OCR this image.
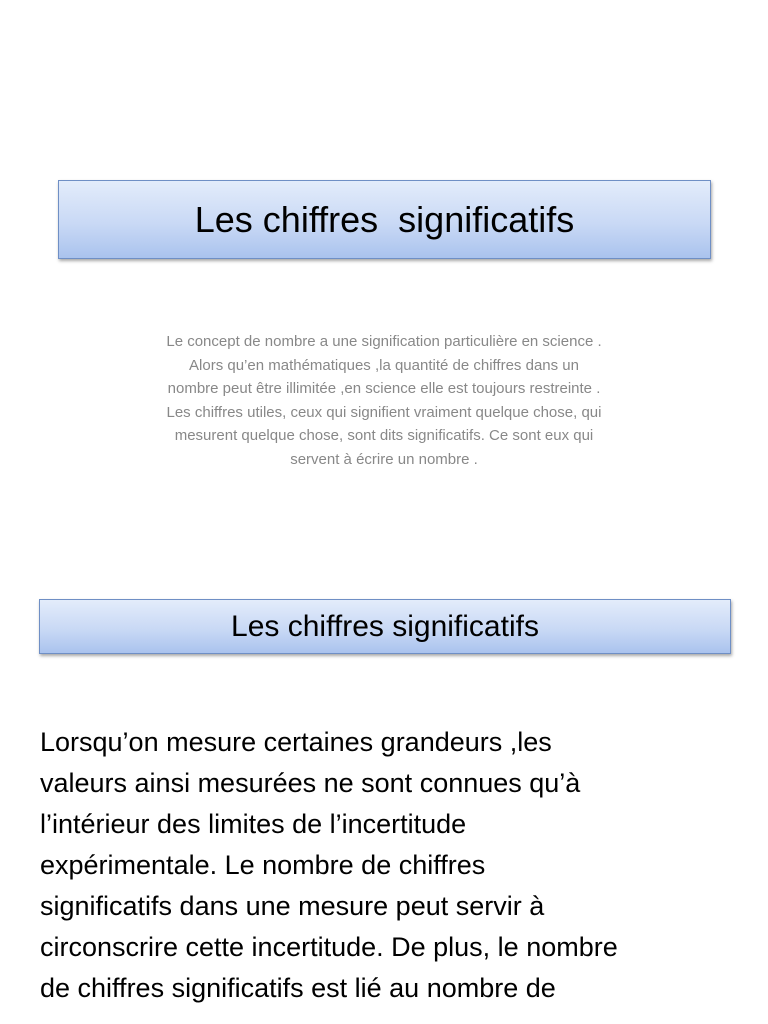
Les chiffres  significatifs

Le concept de nombre a une signification particulière en science .
Alors qu’en mathématiques ,la quantité de chiffres dans un
nombre peut être illimitée ,en science elle est toujours restreinte .
Les chiffres utiles, ceux qui signifient vraiment quelque chose, qui
mesurent quelque chose, sont dits significatifs. Ce sont eux qui
servent à écrire un nombre .

Les chiffres significatifs

Lorsqu’on mesure certaines grandeurs ,les
valeurs ainsi mesurées ne sont connues qu’à
l’intérieur des limites de l’incertitude
expérimentale. Le nombre de chiffres
significatifs dans une mesure peut servir à
circonscrire cette incertitude. De plus, le nombre
de chiffres significatifs est lié au nombre de
